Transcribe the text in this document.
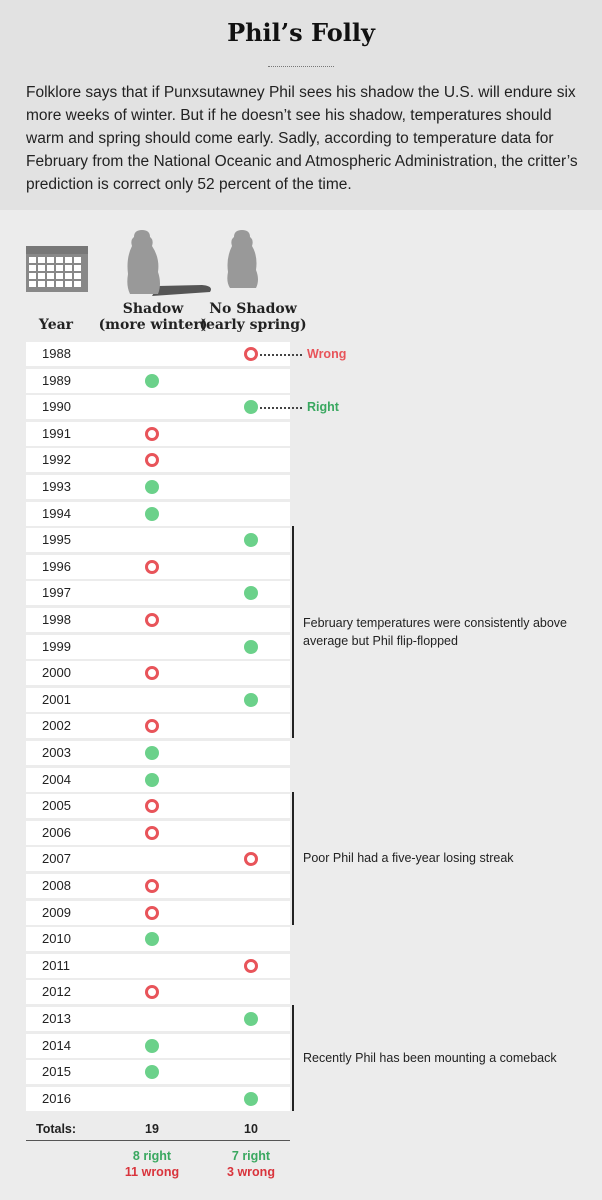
Phil’s Folly

Folklore says that if Punxsutawney Phil sees his shadow the U.S. will endure six more weeks of winter. But if he doesn’t see his shadow, temperatures should warm and spring should come early. Sadly, according to temperature data for February from the National Oceanic and Atmospheric Administration, the critter’s prediction is correct only 52 percent of the time.

Year
Shadow
(more winter)
No Shadow
(early spring)
1988
1989
1990
1991
1992
1993
1994
1995
1996
1997
1998
1999
2000
2001
2002
2003
2004
2005
2006
2007
2008
2009
2010
2011
2012
2013
2014
2015
2016
February temperatures were consistently above average but Phil flip-flopped
Poor Phil had a five-year losing streak
Recently Phil has been mounting a comeback
Wrong
Right
Totals:	19	10
8 right
11 wrong
7 right
3 wrong
